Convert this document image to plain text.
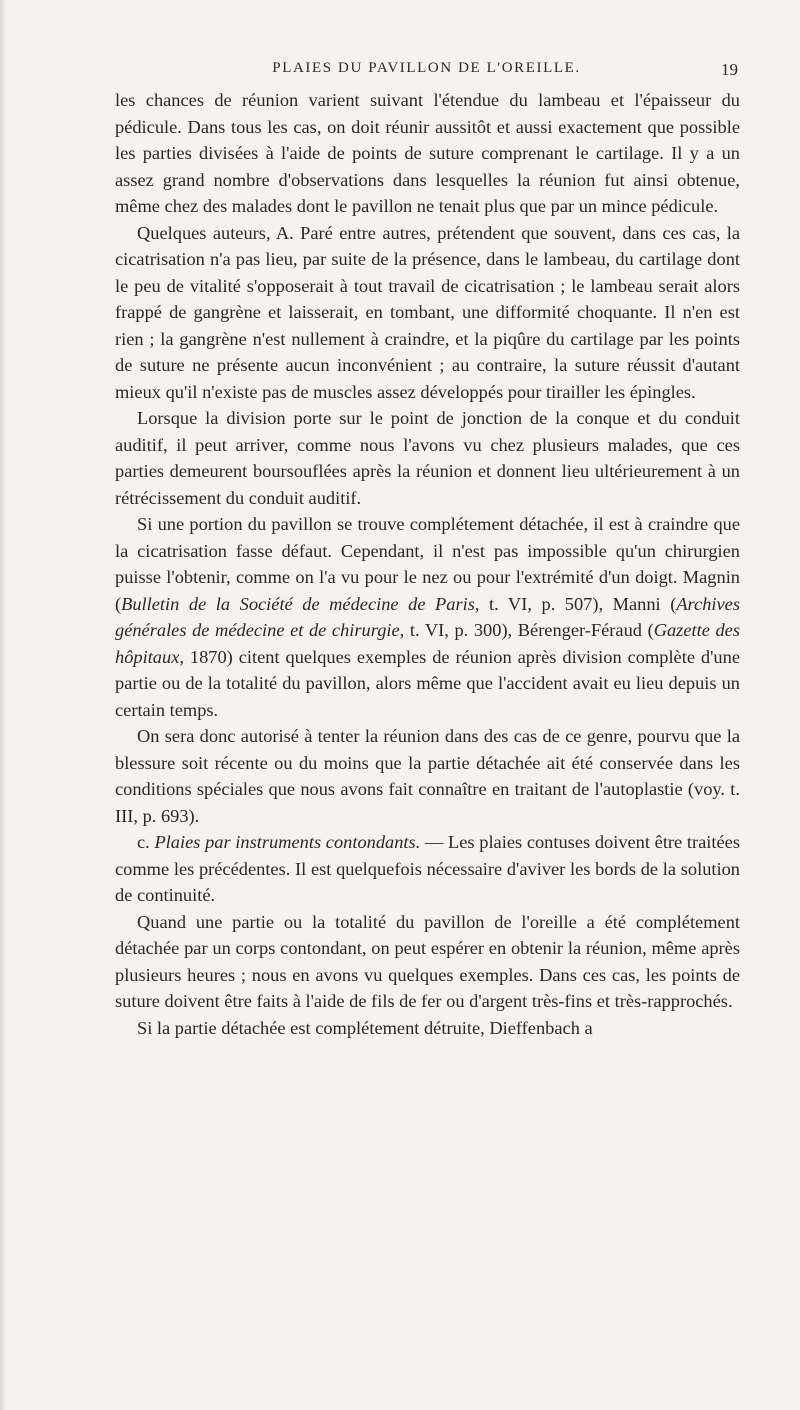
PLAIES DU PAVILLON DE L'OREILLE.	19

les chances de réunion varient suivant l'étendue du lambeau et l'épaisseur du pédicule. Dans tous les cas, on doit réunir aussitôt et aussi exactement que possible les parties divisées à l'aide de points de suture comprenant le cartilage. Il y a un assez grand nombre d'observations dans lesquelles la réunion fut ainsi obtenue, même chez des malades dont le pavillon ne tenait plus que par un mince pédicule.

Quelques auteurs, A. Paré entre autres, prétendent que souvent, dans ces cas, la cicatrisation n'a pas lieu, par suite de la présence, dans le lambeau, du cartilage dont le peu de vitalité s'opposerait à tout travail de cicatrisation ; le lambeau serait alors frappé de gangrène et laisserait, en tombant, une difformité choquante. Il n'en est rien ; la gangrène n'est nullement à craindre, et la piqûre du cartilage par les points de suture ne présente aucun inconvénient ; au contraire, la suture réussit d'autant mieux qu'il n'existe pas de muscles assez développés pour tirailler les épingles.

Lorsque la division porte sur le point de jonction de la conque et du conduit auditif, il peut arriver, comme nous l'avons vu chez plusieurs malades, que ces parties demeurent boursouflées après la réunion et donnent lieu ultérieurement à un rétrécissement du conduit auditif.

Si une portion du pavillon se trouve complétement détachée, il est à craindre que la cicatrisation fasse défaut. Cependant, il n'est pas impossible qu'un chirurgien puisse l'obtenir, comme on l'a vu pour le nez ou pour l'extrémité d'un doigt. Magnin (Bulletin de la Société de médecine de Paris, t. VI, p. 507), Manni (Archives générales de médecine et de chirurgie, t. VI, p. 300), Bérenger-Féraud (Gazette des hôpitaux, 1870) citent quelques exemples de réunion après division complète d'une partie ou de la totalité du pavillon, alors même que l'accident avait eu lieu depuis un certain temps.

On sera donc autorisé à tenter la réunion dans des cas de ce genre, pourvu que la blessure soit récente ou du moins que la partie détachée ait été conservée dans les conditions spéciales que nous avons fait connaître en traitant de l'autoplastie (voy. t. III, p. 693).

c. Plaies par instruments contondants. — Les plaies contuses doivent être traitées comme les précédentes. Il est quelquefois nécessaire d'aviver les bords de la solution de continuité.

Quand une partie ou la totalité du pavillon de l'oreille a été complétement détachée par un corps contondant, on peut espérer en obtenir la réunion, même après plusieurs heures ; nous en avons vu quelques exemples. Dans ces cas, les points de suture doivent être faits à l'aide de fils de fer ou d'argent très-fins et très-rapprochés.

Si la partie détachée est complétement détruite, Dieffenbach a
